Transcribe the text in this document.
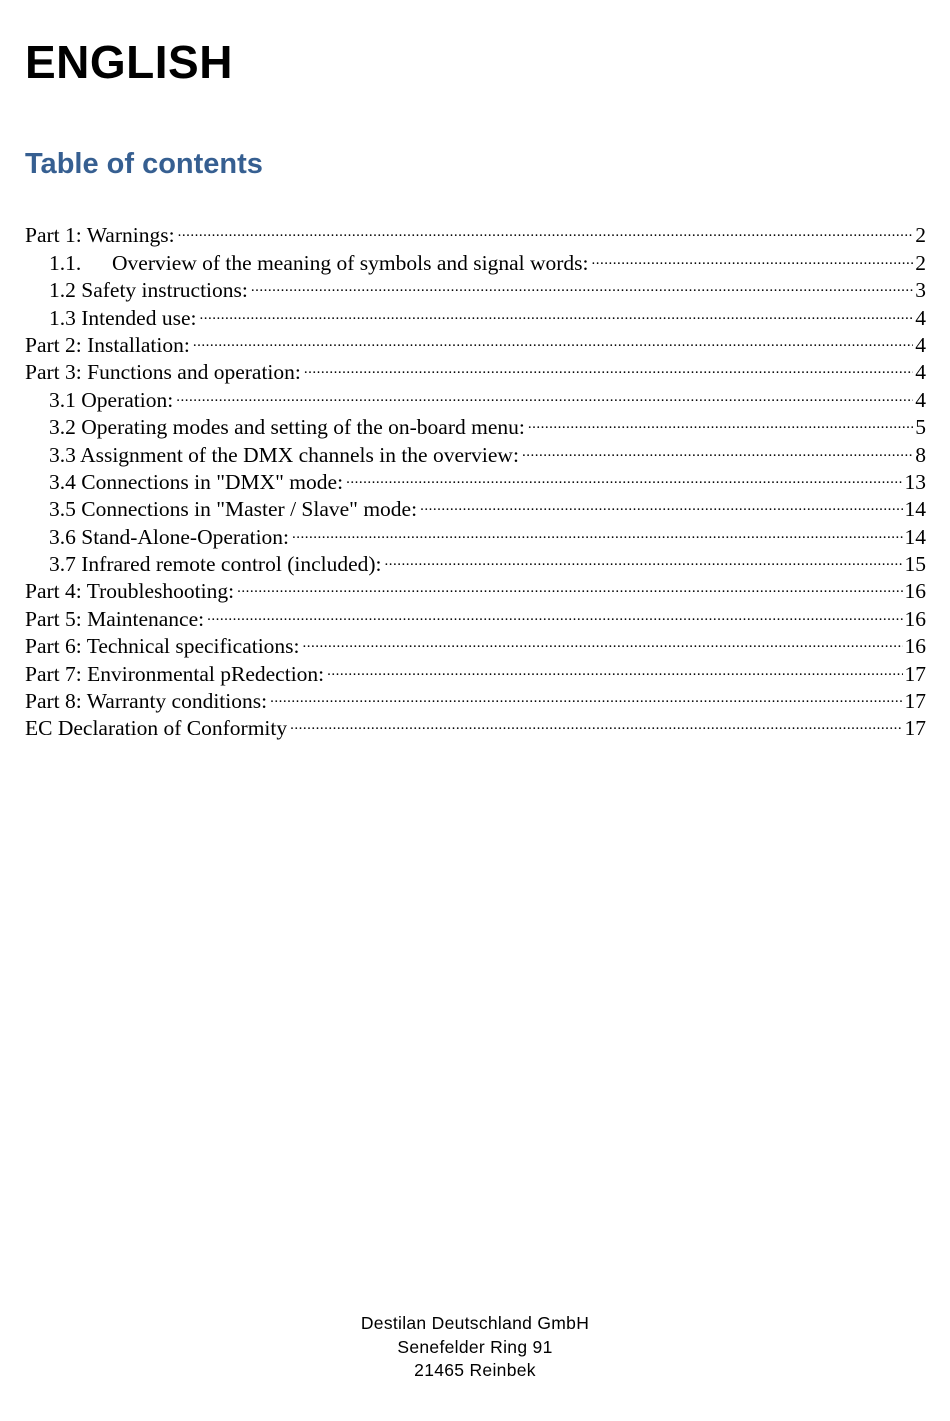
ENGLISH
Table of contents
Part 1: Warnings: .....	2
1.1. Overview of the meaning of symbols and signal words: .....	2
1.2 Safety instructions: .....	3
1.3 Intended use: .....	4
Part 2: Installation: .....	4
Part 3: Functions and operation: .....	4
3.1 Operation: .....	4
3.2 Operating modes and setting of the on-board menu: .....	5
3.3 Assignment of the DMX channels in the overview: .....	8
3.4 Connections in "DMX" mode: .....	13
3.5 Connections in "Master / Slave" mode: .....	14
3.6 Stand-Alone-Operation: .....	14
3.7 Infrared remote control (included): .....	15
Part 4: Troubleshooting: .....	16
Part 5: Maintenance: .....	16
Part 6: Technical specifications: .....	16
Part 7: Environmental pRedection: .....	17
Part 8: Warranty conditions: .....	17
EC Declaration of Conformity .....	17
Destilan Deutschland GmbH
Senefelder Ring 91
21465 Reinbek
